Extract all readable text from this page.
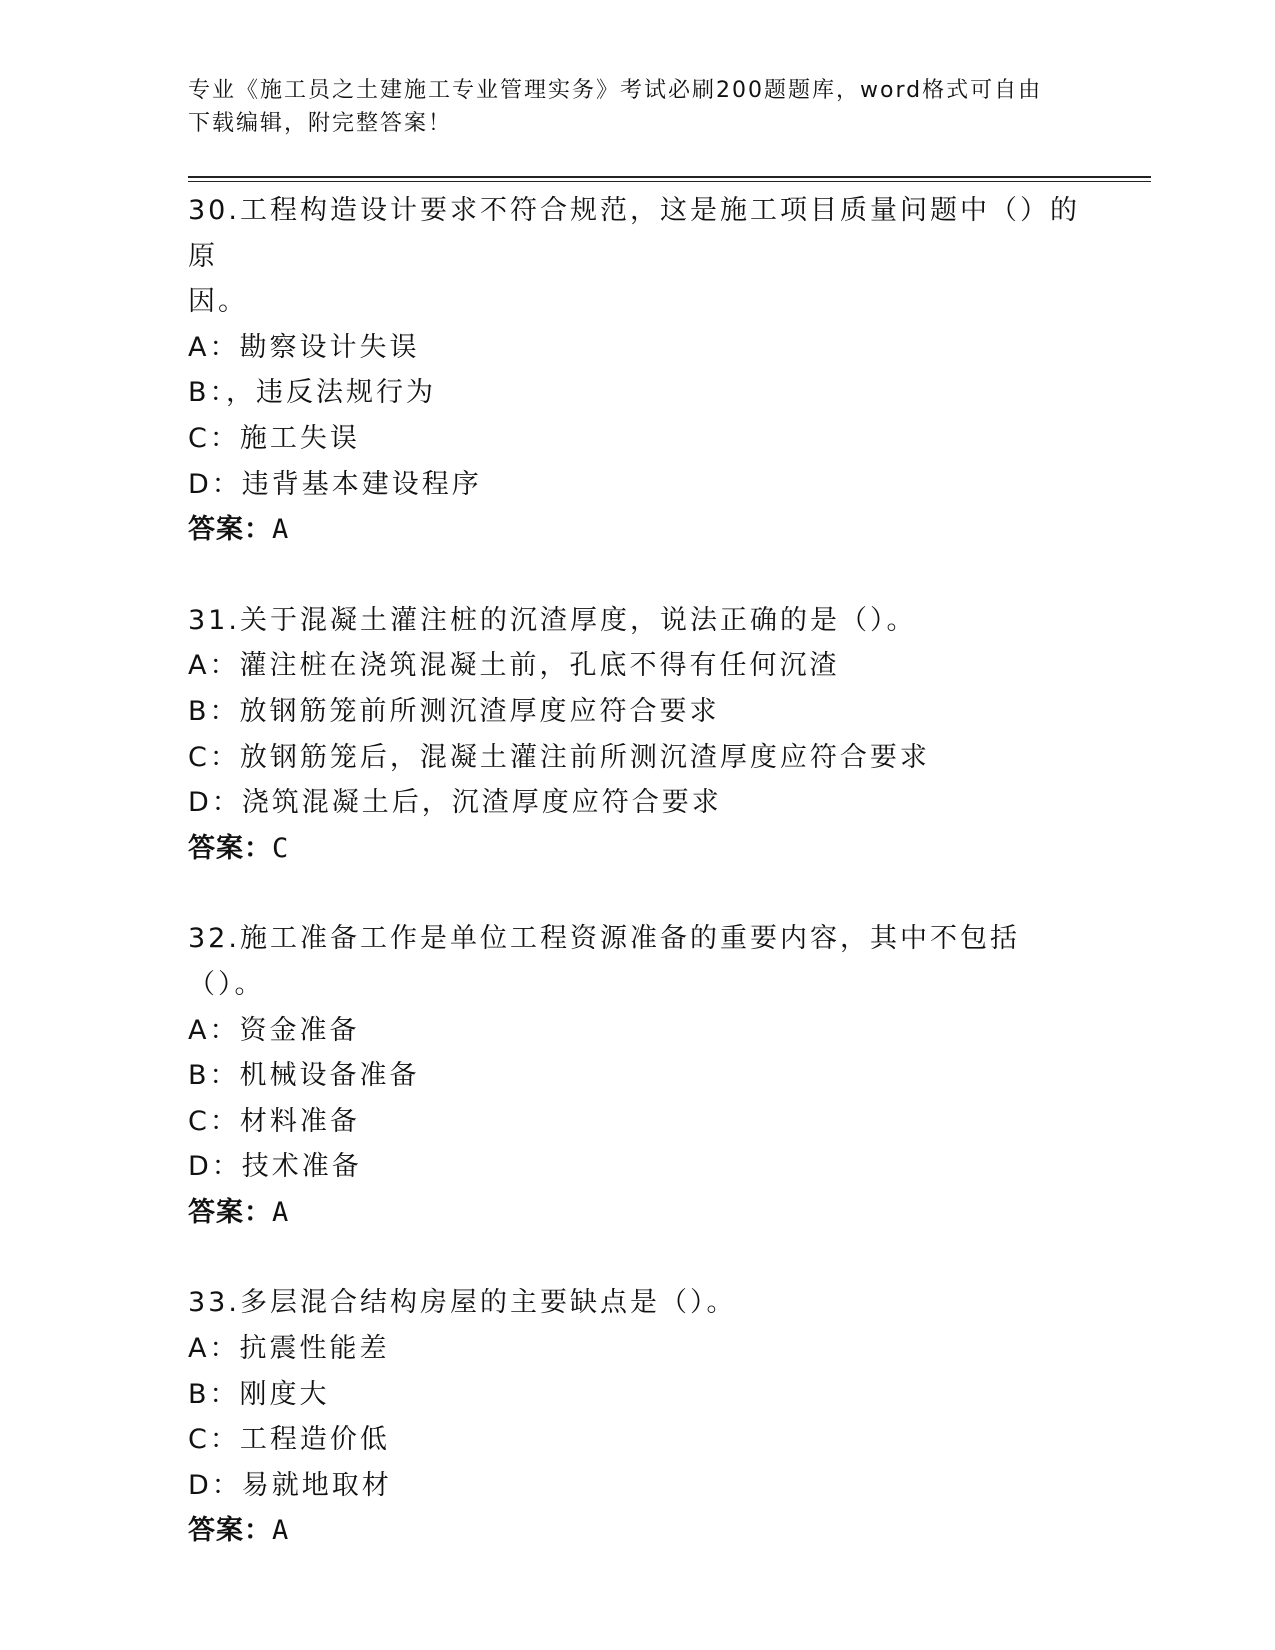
专业《施工员之土建施工专业管理实务》考试必刷200题题库，word格式可自由
下载编辑，附完整答案！
30.工程构造设计要求不符合规范，这是施工项目质量问题中（）的原
因。
A：勘察设计失误
B：，违反法规行为
C：施工失误
D：违背基本建设程序
答案：A
31.关于混凝土灌注桩的沉渣厚度，说法正确的是（）。
A：灌注桩在浇筑混凝土前，孔底不得有任何沉渣
B：放钢筋笼前所测沉渣厚度应符合要求
C：放钢筋笼后，混凝土灌注前所测沉渣厚度应符合要求
D：浇筑混凝土后，沉渣厚度应符合要求
答案：C
32.施工准备工作是单位工程资源准备的重要内容，其中不包括（）。
A：资金准备
B：机械设备准备
C：材料准备
D：技术准备
答案：A
33.多层混合结构房屋的主要缺点是（）。
A：抗震性能差
B：刚度大
C：工程造价低
D：易就地取材
答案：A
